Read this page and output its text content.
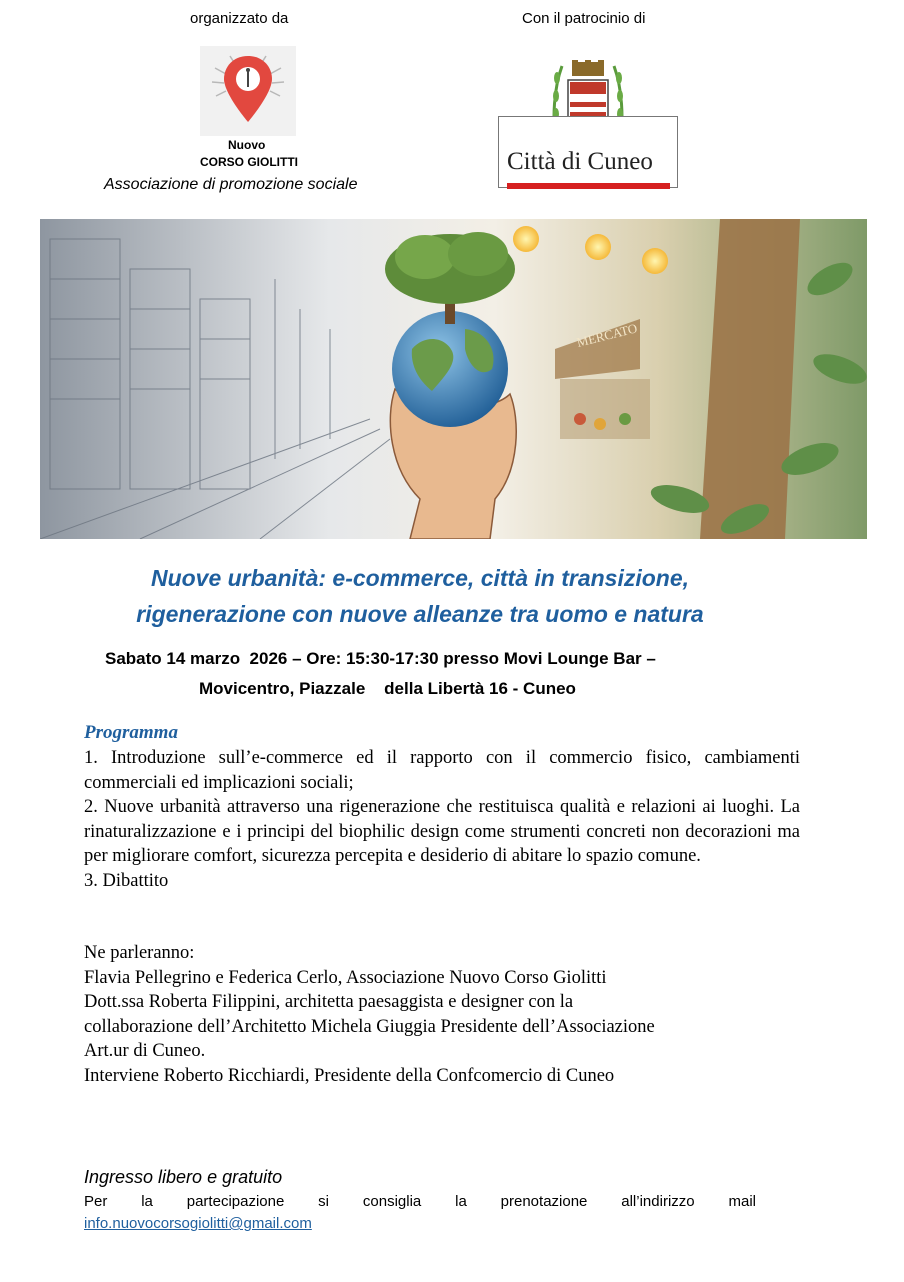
organizzato da	Con il patrocinio di
Nuovo
CORSO GIOLITTI
Associazione di promozione sociale
Città di Cuneo
MERCATO
Nuove urbanità: e-commerce, città in transizione,
rigenerazione con nuove alleanze tra uomo e natura
Sabato 14 marzo  2026 – Ore: 15:30-17:30 presso Movi Lounge Bar –
Movicentro, Piazzale    della Libertà 16 - Cuneo
Programma

1. Introduzione sull’e-commerce ed il rapporto con il commercio fisico, cambiamenti commerciali ed implicazioni sociali;

2. Nuove urbanità attraverso una rigenerazione che restituisca qualità e relazioni ai luoghi. La rinaturalizzazione e i principi del biophilic design come strumenti concreti non decorazioni ma per migliorare comfort, sicurezza percepita e desiderio di abitare lo spazio comune.

3. Dibattito

Ne parleranno:

Flavia Pellegrino e Federica Cerlo, Associazione Nuovo Corso Giolitti

Dott.ssa Roberta Filippini, architetta paesaggista e designer con la

collaborazione dell’Architetto Michela Giuggia Presidente dell’Associazione

Art.ur di Cuneo.

Interviene Roberto Ricchiardi, Presidente della Confcomercio di Cuneo

Ingresso libero e gratuito
Per la partecipazione si consiglia la prenotazione all’indirizzo mail
info.nuovocorsogiolitti@gmail.com
